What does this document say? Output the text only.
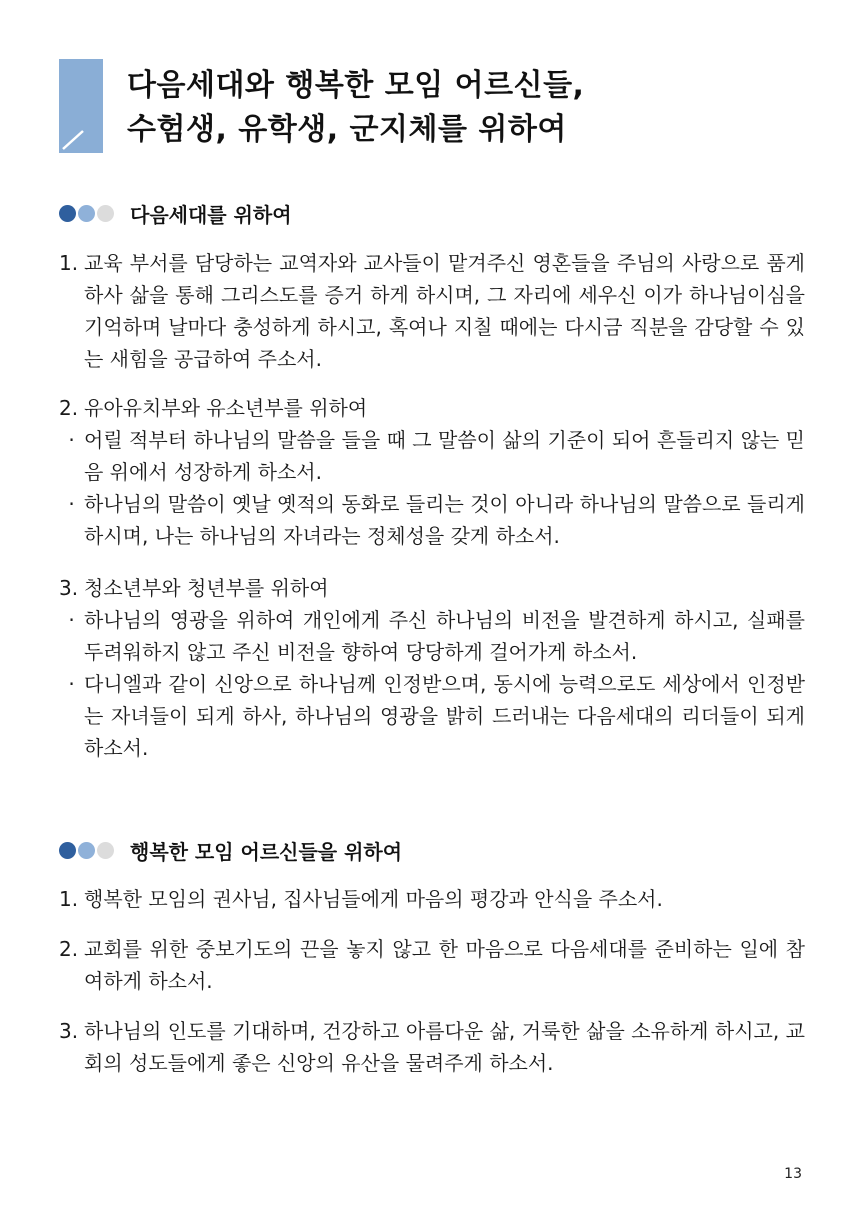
다음세대와 행복한 모임 어르신들,
수험생, 유학생, 군지체를 위하여
다음세대를 위하여
1. 교육 부서를 담당하는 교역자와 교사들이 맡겨주신 영혼들을 주님의 사랑으로 품게 하사 삶을 통해 그리스도를 증거 하게 하시며, 그 자리에 세우신 이가 하나님이심을 기억하며 날마다 충성하게 하시고, 혹여나 지칠 때에는 다시금 직분을 감당할 수 있는 새힘을 공급하여 주소서.
2. 유아유치부와 유소년부를 위하여
· 어릴 적부터 하나님의 말씀을 들을 때 그 말씀이 삶의 기준이 되어 흔들리지 않는 믿음 위에서 성장하게 하소서.
· 하나님의 말씀이 옛날 옛적의 동화로 들리는 것이 아니라 하나님의 말씀으로 들리게 하시며, 나는 하나님의 자녀라는 정체성을 갖게 하소서.
3. 청소년부와 청년부를 위하여
· 하나님의 영광을 위하여 개인에게 주신 하나님의 비전을 발견하게 하시고, 실패를 두려워하지 않고 주신 비전을 향하여 당당하게 걸어가게 하소서.
· 다니엘과 같이 신앙으로 하나님께 인정받으며, 동시에 능력으로도 세상에서 인정받는 자녀들이 되게 하사, 하나님의 영광을 밝히 드러내는 다음세대의 리더들이 되게 하소서.
행복한 모임 어르신들을 위하여
1. 행복한 모임의 권사님, 집사님들에게 마음의 평강과 안식을 주소서.
2. 교회를 위한 중보기도의 끈을 놓지 않고 한 마음으로 다음세대를 준비하는 일에 참여하게 하소서.
3. 하나님의 인도를 기대하며, 건강하고 아름다운 삶, 거룩한 삶을 소유하게 하시고, 교회의 성도들에게 좋은 신앙의 유산을 물려주게 하소서.
13
